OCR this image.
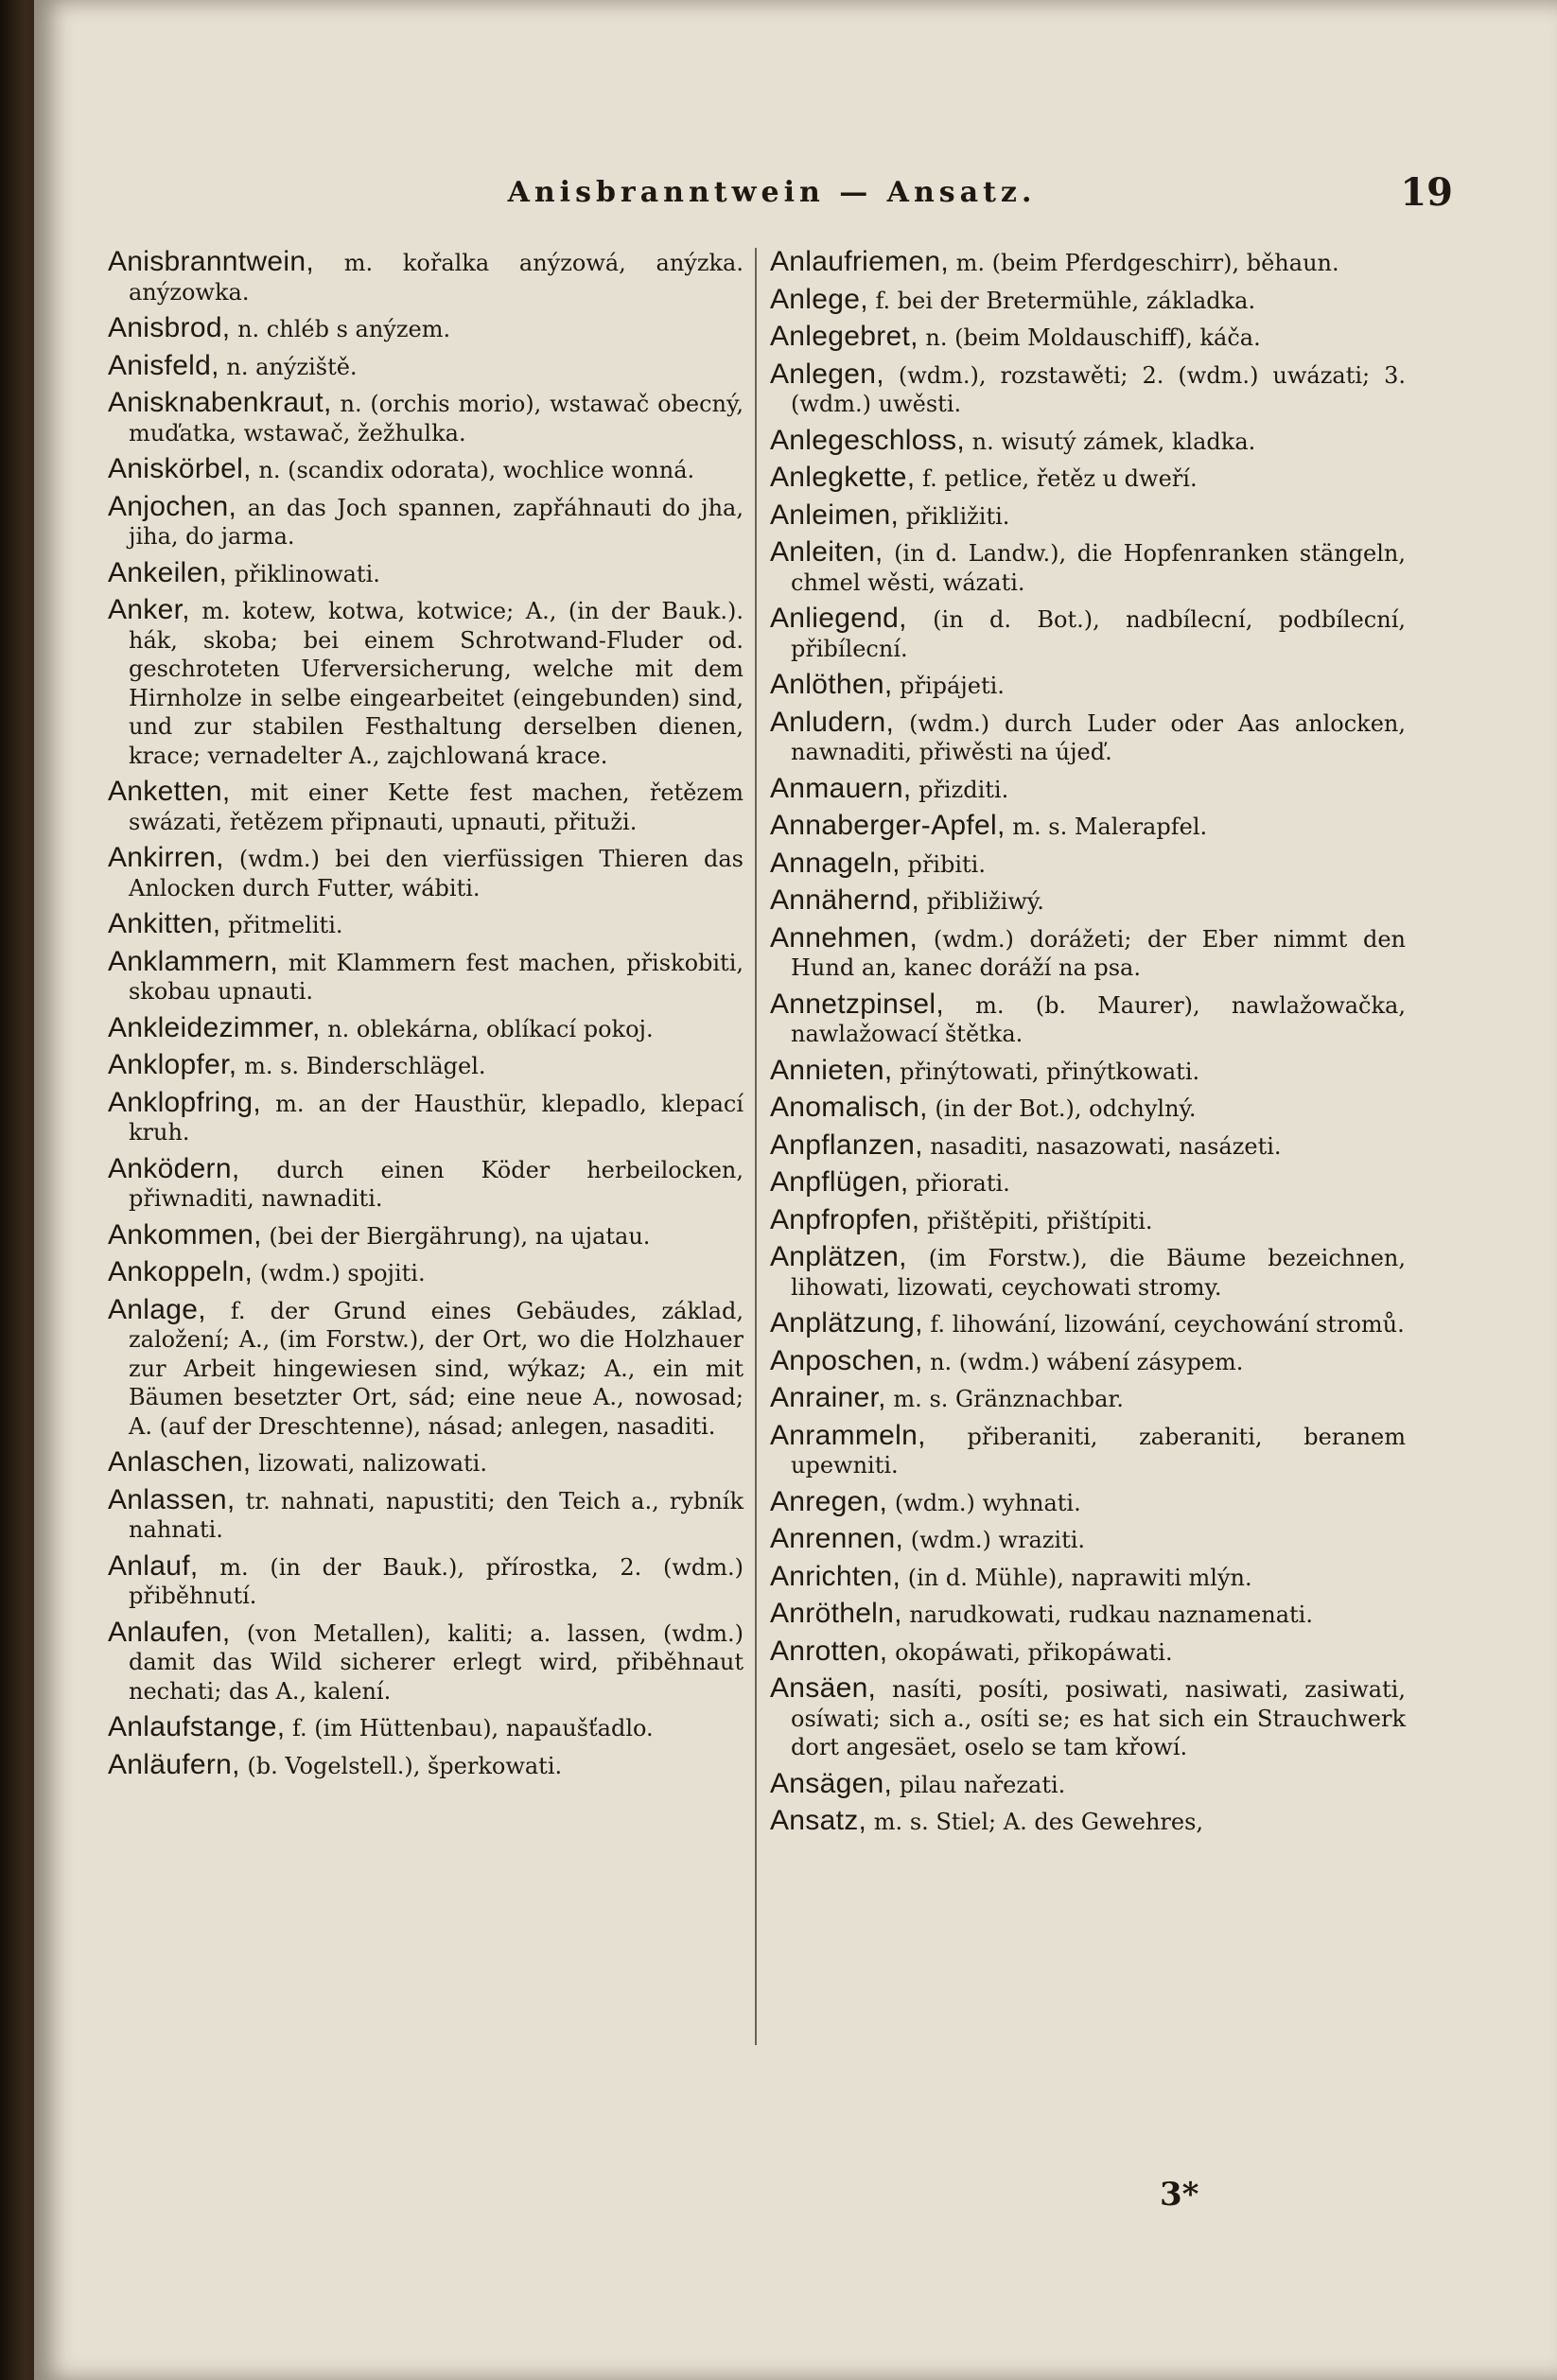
Anisbranntwein — Ansatz.	19

Anisbranntwein, m. kořalka anýzowá, anýzka. anýzowka.

Anisbrod, n. chléb s anýzem.

Anisfeld, n. anýziště.

Anisknabenkraut, n. (orchis morio), wstawač obecný, muďatka, wstawač, žežhulka.

Aniskörbel, n. (scandix odorata), wochlice wonná.

Anjochen, an das Joch spannen, zapřáhnauti do jha, jiha, do jarma.

Ankeilen, přiklinowati.

Anker, m. kotew, kotwa, kotwice; A., (in der Bauk.). hák, skoba; bei einem Schrotwand-Fluder od. geschroteten Uferversicherung, welche mit dem Hirnholze in selbe eingearbeitet (eingebunden) sind, und zur stabilen Festhaltung derselben dienen, krace; vernadelter A., zajchlowaná krace.

Anketten, mit einer Kette fest machen, řetězem swázati, řetězem připnauti, upnauti, přituži.

Ankirren, (wdm.) bei den vierfüssigen Thieren das Anlocken durch Futter, wábiti.

Ankitten, přitmeliti.

Anklammern, mit Klammern fest machen, přiskobiti, skobau upnauti.

Ankleidezimmer, n. oblekárna, oblíkací pokoj.

Anklopfer, m. s. Binderschlägel.

Anklopfring, m. an der Hausthür, klepadlo, klepací kruh.

Anködern, durch einen Köder herbeilocken, přiwnaditi, nawnaditi.

Ankommen, (bei der Biergährung), na ujatau.

Ankoppeln, (wdm.) spojiti.

Anlage, f. der Grund eines Gebäudes, základ, založení; A., (im Forstw.), der Ort, wo die Holzhauer zur Arbeit hingewiesen sind, wýkaz; A., ein mit Bäumen besetzter Ort, sád; eine neue A., nowosad; A. (auf der Dreschtenne), násad; anlegen, nasaditi.

Anlaschen, lizowati, nalizowati.

Anlassen, tr. nahnati, napustiti; den Teich a., rybník nahnati.

Anlauf, m. (in der Bauk.), přírostka, 2. (wdm.) přiběhnutí.

Anlaufen, (von Metallen), kaliti; a. lassen, (wdm.) damit das Wild sicherer erlegt wird, přiběhnaut nechati; das A., kalení.

Anlaufstange, f. (im Hüttenbau), napaušťadlo.

Anläufern, (b. Vogelstell.), šperkowati.

Anlaufriemen, m. (beim Pferdgeschirr), běhaun.

Anlege, f. bei der Bretermühle, základka.

Anlegebret, n. (beim Moldauschiff), káča.

Anlegen, (wdm.), rozstawěti; 2. (wdm.) uwázati; 3. (wdm.) uwěsti.

Anlegeschloss, n. wisutý zámek, kladka.

Anlegkette, f. petlice, řetěz u dweří.

Anleimen, přikližiti.

Anleiten, (in d. Landw.), die Hopfenranken stängeln, chmel wěsti, wázati.

Anliegend, (in d. Bot.), nadbílecní, podbílecní, přibílecní.

Anlöthen, připájeti.

Anludern, (wdm.) durch Luder oder Aas anlocken, nawnaditi, přiwěsti na újeď.

Anmauern, přizditi.

Annaberger-Apfel, m. s. Malerapfel.

Annageln, přibiti.

Annähernd, přibližiwý.

Annehmen, (wdm.) dorážeti; der Eber nimmt den Hund an, kanec doráží na psa.

Annetzpinsel, m. (b. Maurer), nawlažowačka, nawlažowací štětka.

Annieten, přinýtowati, přinýtkowati.

Anomalisch, (in der Bot.), odchylný.

Anpflanzen, nasaditi, nasazowati, nasázeti.

Anpflügen, přiorati.

Anpfropfen, přištěpiti, přištípiti.

Anplätzen, (im Forstw.), die Bäume bezeichnen, lihowati, lizowati, ceychowati stromy.

Anplätzung, f. lihowání, lizowání, ceychowání stromů.

Anposchen, n. (wdm.) wábení zásypem.

Anrainer, m. s. Gränznachbar.

Anrammeln, přiberaniti, zaberaniti, beranem upewniti.

Anregen, (wdm.) wyhnati.

Anrennen, (wdm.) wraziti.

Anrichten, (in d. Mühle), naprawiti mlýn.

Anrötheln, narudkowati, rudkau naznamenati.

Anrotten, okopáwati, přikopáwati.

Ansäen, nasíti, posíti, posiwati, nasiwati, zasiwati, osíwati; sich a., osíti se; es hat sich ein Strauchwerk dort angesäet, oselo se tam křowí.

Ansägen, pilau nařezati.

Ansatz, m. s. Stiel; A. des Gewehres,

3*
